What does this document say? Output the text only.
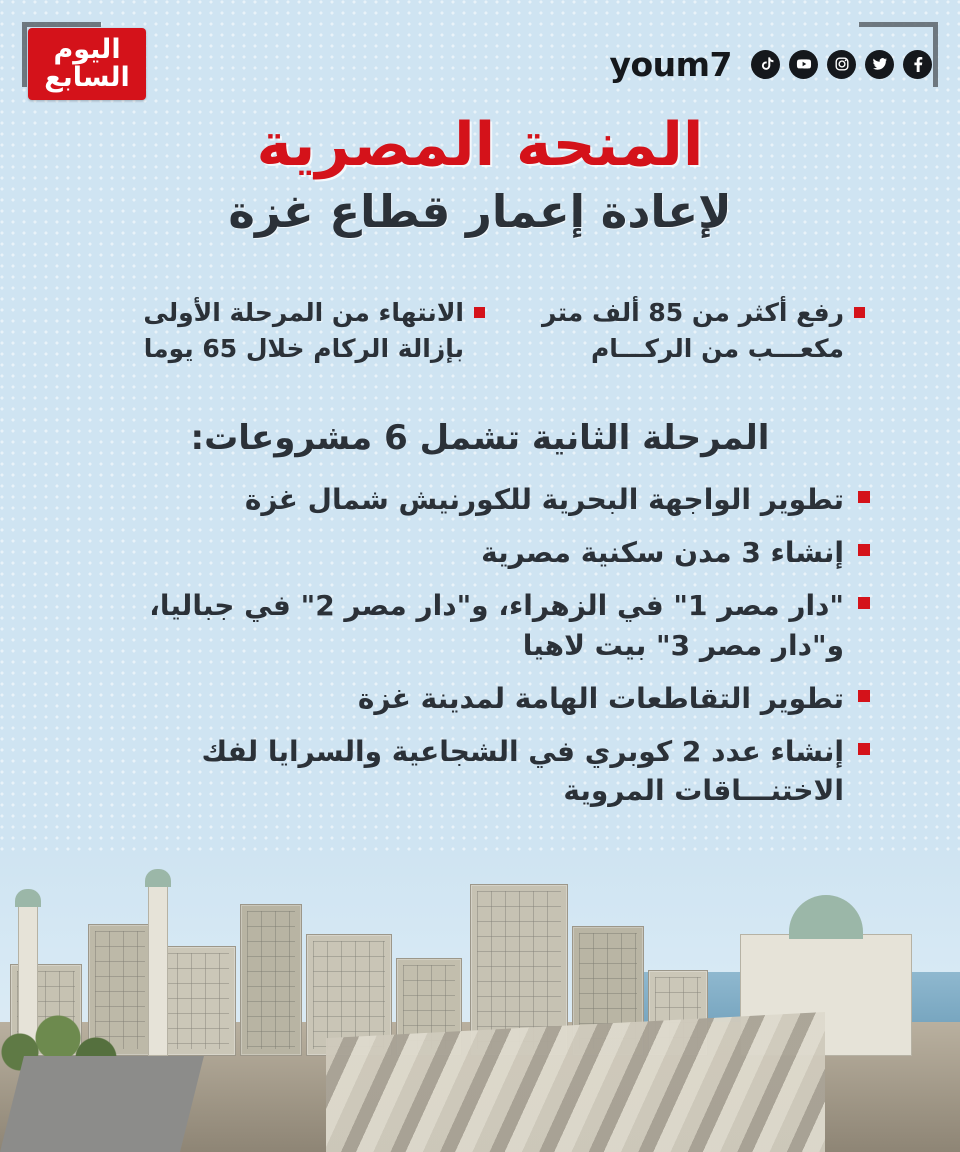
اليوم
السابع	youm7
المنحة المصرية
لإعادة إعمار قطاع غزة
رفع أكثر من 85 ألف متر مكعـــب من الركـــام
الانتهاء من المرحلة الأولى بإزالة الركام خلال 65 يوما
المرحلة الثانية تشمل 6 مشروعات:
تطوير الواجهة البحرية للكورنيش شمال غزة
إنشاء 3 مدن سكنية مصرية
"دار مصر 1" في الزهراء، و"دار مصر 2" في جباليا، و"دار مصر 3" بيت لاهيا
تطوير التقاطعات الهامة لمدينة غزة
إنشاء عدد 2 كوبري في الشجاعية والسرايا لفك الاختنـــاقات المروية
